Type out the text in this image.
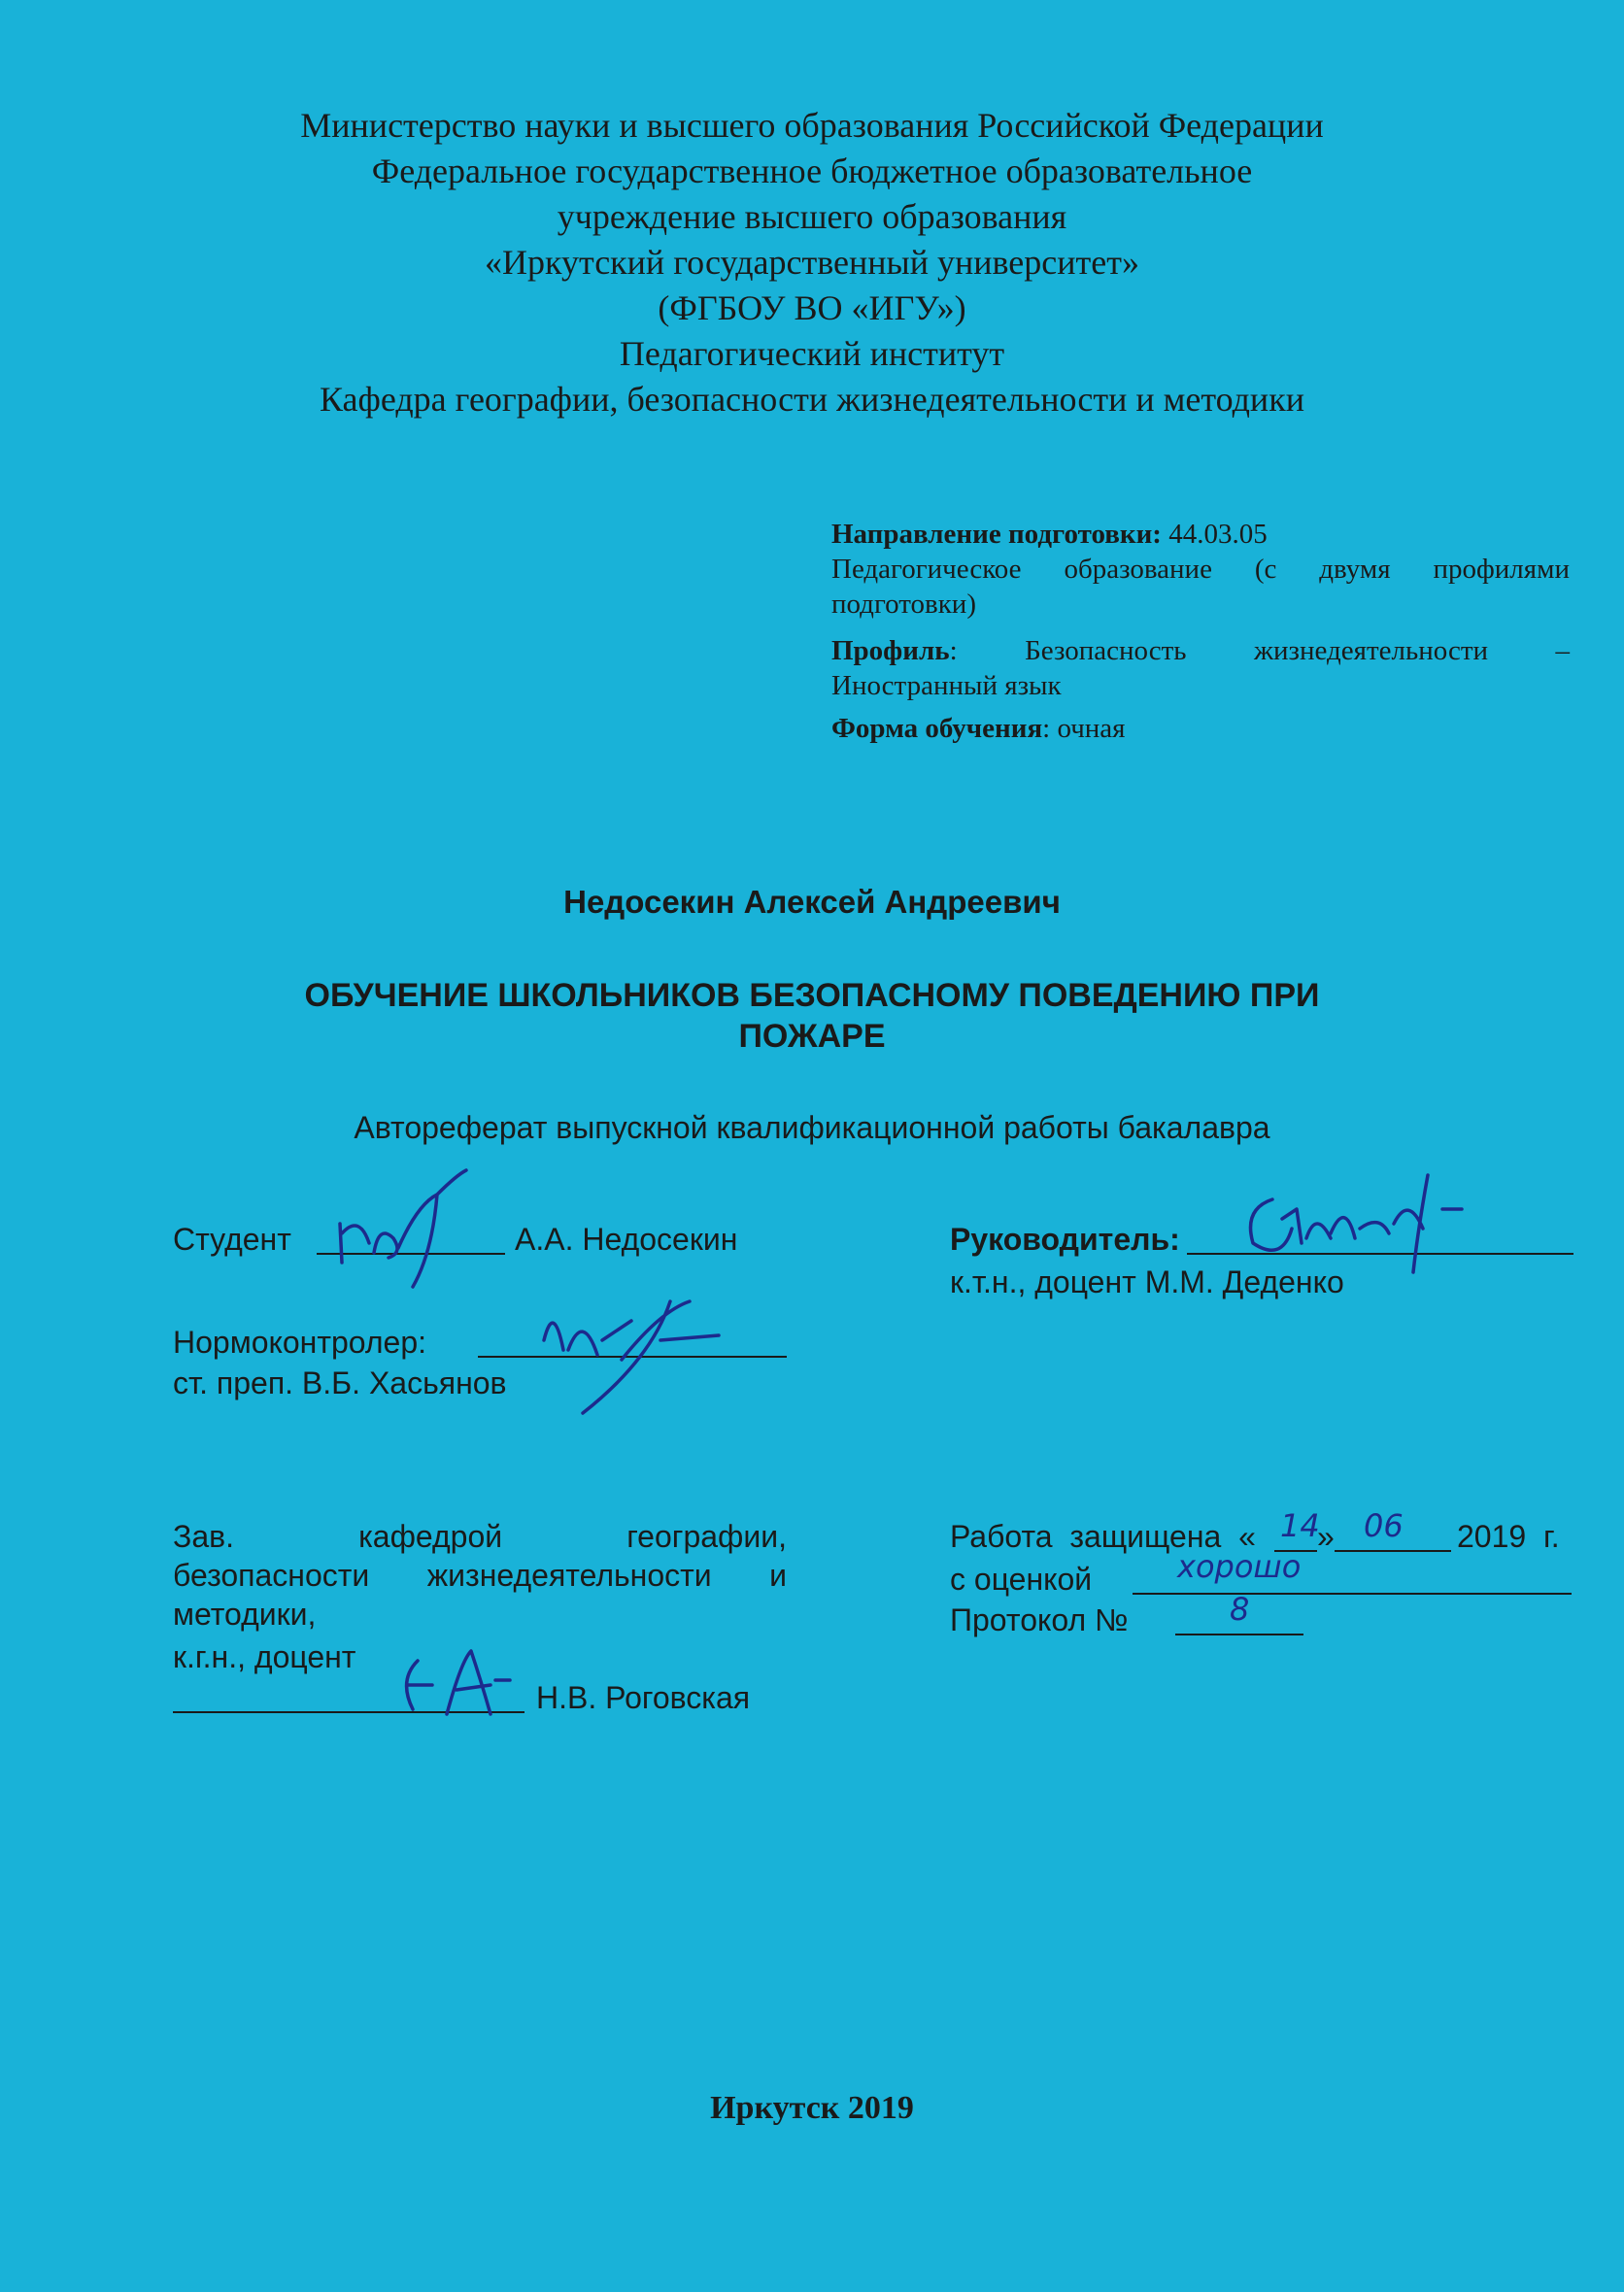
Министерство науки и высшего образования Российской Федерации
Федеральное государственное бюджетное образовательное
учреждение высшего образования
«Иркутский государственный университет»
(ФГБОУ ВО «ИГУ»)
Педагогический институт
Кафедра географии, безопасности жизнедеятельности и методики
Направление подготовки: 44.03.05
Педагогическое образование (с двумя профилями
подготовки)
Профиль :  Безопасность  жизнедеятельности  –
Иностранный язык
Форма обучения: очная
Недосекин Алексей Андреевич
ОБУЧЕНИЕ ШКОЛЬНИКОВ БЕЗОПАСНОМУ ПОВЕДЕНИЮ ПРИ
ПОЖАРЕ
Автореферат выпускной квалификационной работы бакалавра
Студент	А.А. Недосекин	Руководитель:
к.т.н., доцент М.М. Деденко
Нормоконтролер:
ст. преп. В.Б. Хасьянов
Зав. кафедрой географии,
безопасности жизнедеятельности и
методики,
к.г.н., доцент
Н.В. Роговская
Работа  защищена  « 14
» 06 2019  г.
с оценкой	хорошо
Протокол №	8
Иркутск 2019
